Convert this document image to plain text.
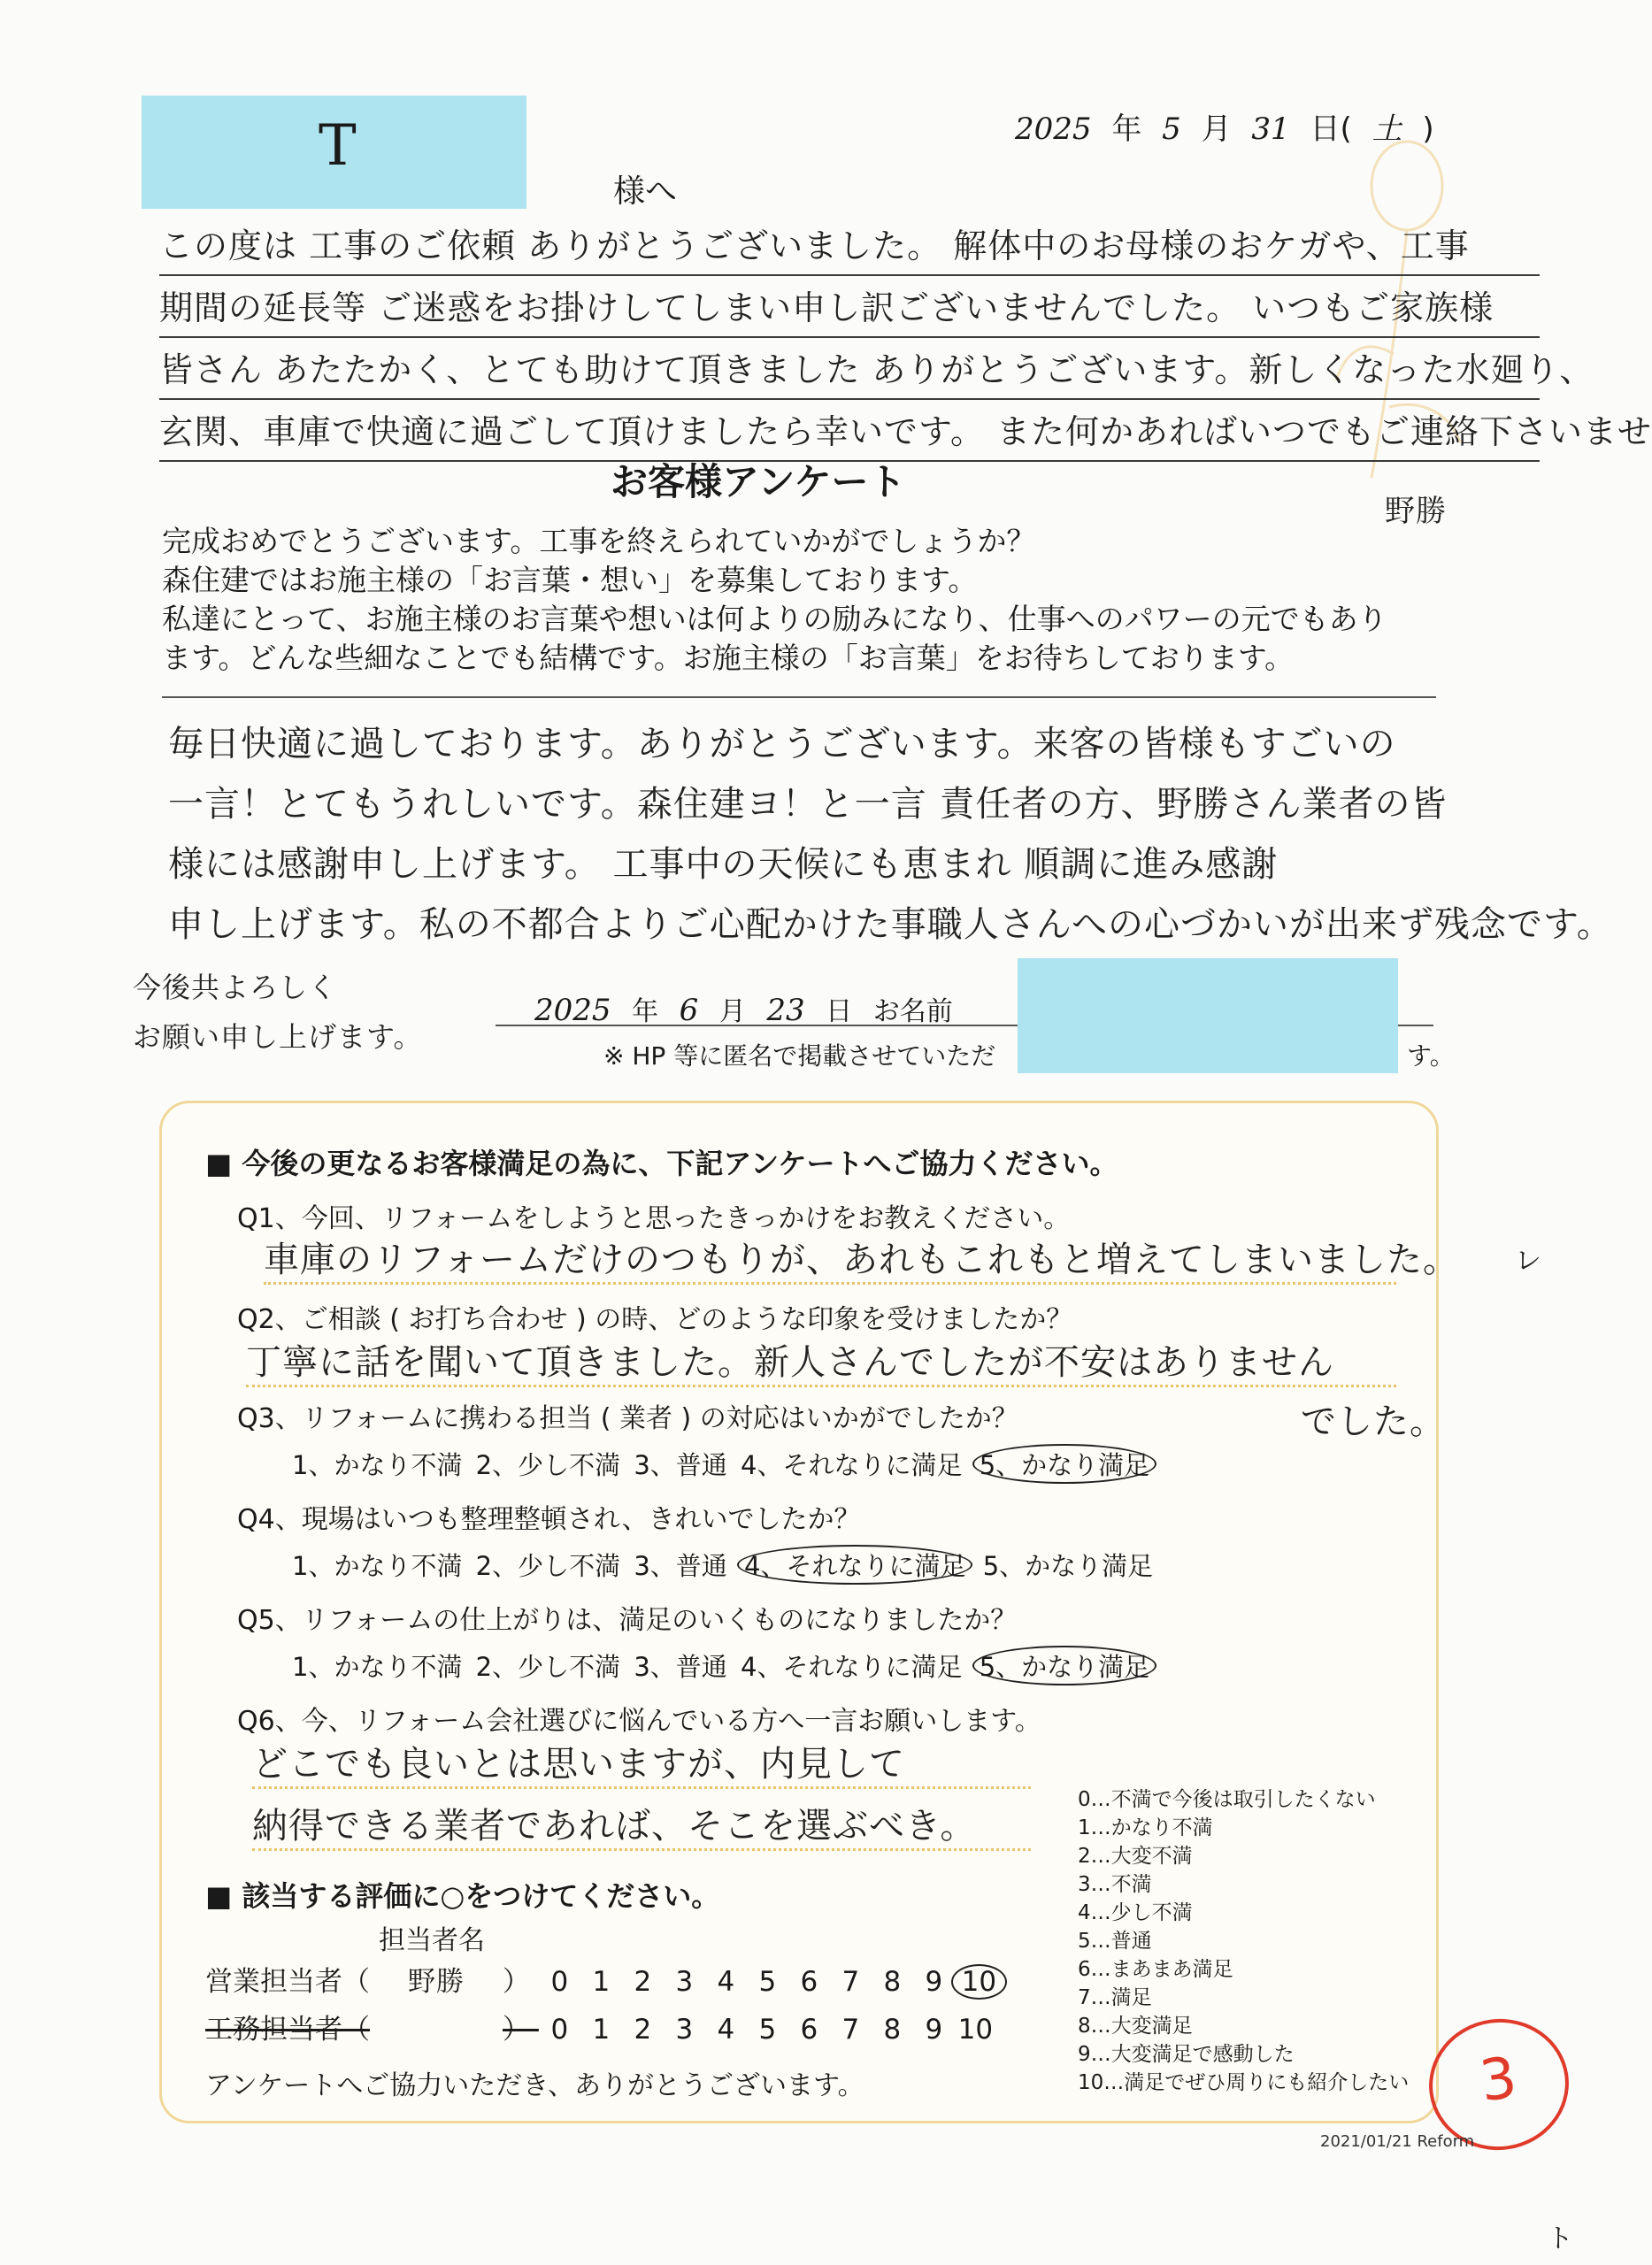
2025 年 5 月 31 日( 土 )
T
様へ
この度は 工事のご依頼 ありがとうございました。 解体中のお母様のおケガや、工事
期間の延長等 ご迷惑をお掛けしてしまい申し訳ございませんでした。 いつもご家族様
皆さん あたたかく、とても助けて頂きました ありがとうございます。新しくなった水廻り、
玄関、車庫で快適に過ごして頂けましたら幸いです。 また何かあればいつでもご連絡下さいませ
野勝
お客様アンケート
完成おめでとうございます。工事を終えられていかがでしょうか？
森住建ではお施主様の「お言葉・想い」を募集しております。
私達にとって、お施主様のお言葉や想いは何よりの励みになり、仕事へのパワーの元でもあり
ます。どんな些細なことでも結構です。お施主様の「お言葉」をお待ちしております。
毎日快適に過しております。ありがとうございます。来客の皆様もすごいの
一言！とてもうれしいです。森住建ヨ！と一言 責任者の方、野勝さん業者の皆
様には感謝申し上げます。 工事中の天候にも恵まれ 順調に進み感謝
申し上げます。私の不都合よりご心配かけた事職人さんへの心づかいが出来ず残念です。
今後共よろしく
お願い申し上げます。
2025 年 6 月 23 日 お名前
※ HP 等に匿名で掲載させていただ	す。
■ 今後の更なるお客様満足の為に、下記アンケートへご協力ください。
Q1、今回、リフォームをしようと思ったきっかけをお教えください。
車庫のリフォームだけのつもりが、あれもこれもと増えてしまいました。
Q2、ご相談 ( お打ち合わせ ) の時、どのような印象を受けましたか？
丁寧に話を聞いて頂きました。新人さんでしたが不安はありません
でした。
Q3、リフォームに携わる担当 ( 業者 ) の対応はいかがでしたか？
1、かなり不満 2、少し不満 3、普通 4、それなりに満足 5、かなり満足
Q4、現場はいつも整理整頓され、きれいでしたか？
1、かなり不満 2、少し不満 3、普通 4、それなりに満足 5、かなり満足
Q5、リフォームの仕上がりは、満足のいくものになりましたか？
1、かなり不満 2、少し不満 3、普通 4、それなりに満足 5、かなり満足
Q6、今、リフォーム会社選びに悩んでいる方へ一言お願いします。
どこでも良いとは思いますが、内見して
納得できる業者であれば、そこを選ぶべき。
0…不満で今後は取引したくない
1…かなり不満
2…大変不満
3…不満
4…少し不満
5…普通
6…まあまあ満足
7…満足
8…大変満足
9…大変満足で感動した
10…満足でぜひ周りにも紹介したい
■ 該当する評価に○をつけてください。
担当者名
営業担当者（ 野勝 ） 0 1 2 3 4 5 6 7 8 9 10
工務担当者（	） 0 1 2 3 4 5 6 7 8 9 10
アンケートへご協力いただき、ありがとうございます。	3
2021/01/21 Reform
レ
ト
